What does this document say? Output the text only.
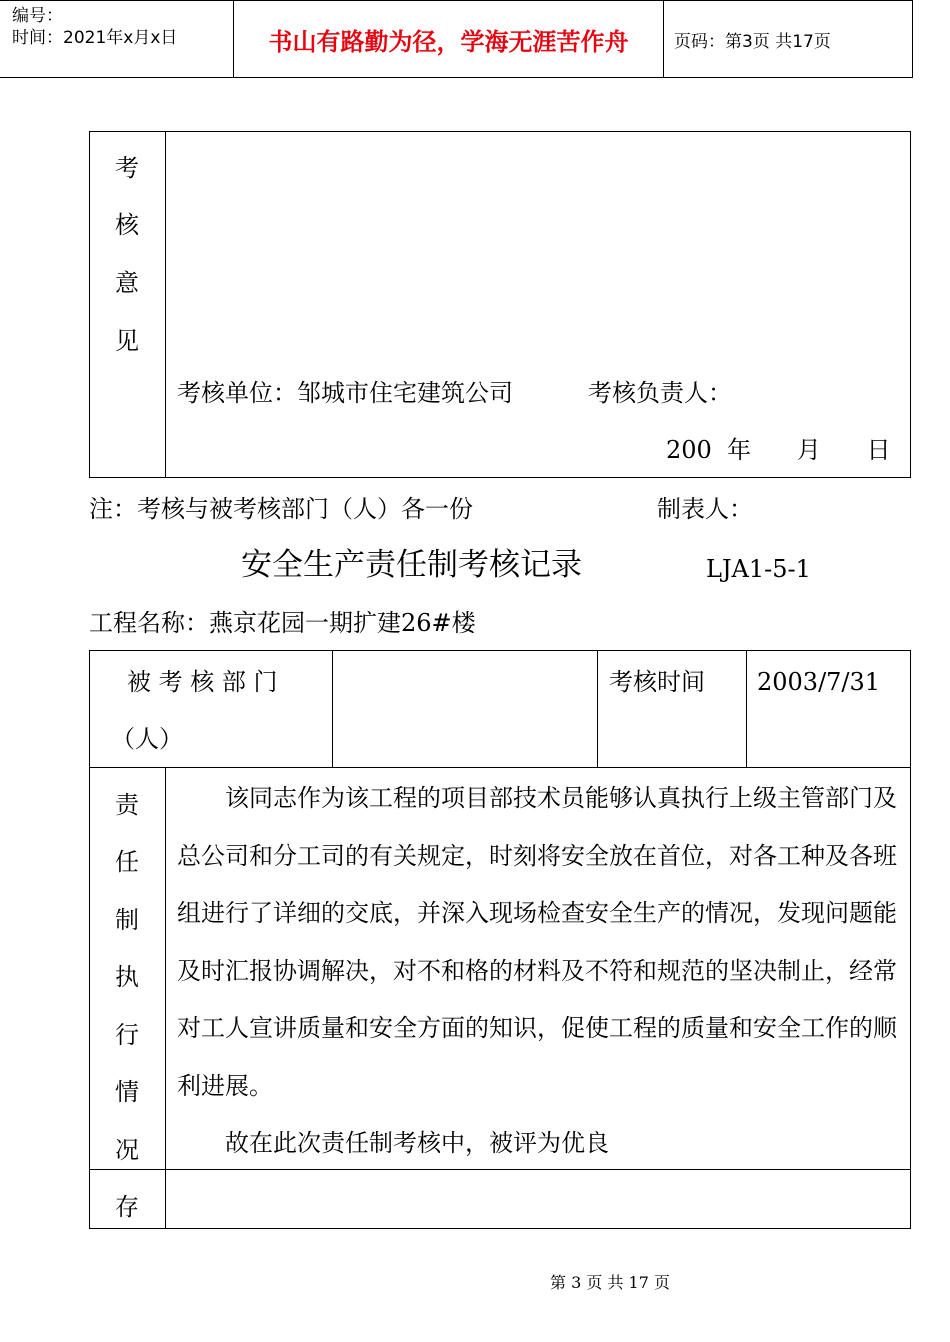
编号：
时间：2021年x月x日	书山有路勤为径，学海无涯苦作舟	页码：第3页 共17页
考
核
意
见
考核单位：邹城市住宅建筑公司	考核负责人：
200  年      月      日
注：考核与被考核部门（人）各一份	制表人：
安全生产责任制考核记录	LJA1-5-1
工程名称：燕京花园一期扩建26#楼
被 考 核 部 门
（人）
考核时间 2003/7/31
责
任
制
执
行
情
况

该同志作为该工程的项目部技术员能够认真执行上级主管部门及总公司和分工司的有关规定，时刻将安全放在首位，对各工种及各班组进行了详细的交底，并深入现场检查安全生产的情况，发现问题能及时汇报协调解决，对不和格的材料及不符和规范的坚决制止，经常对工人宣讲质量和安全方面的知识，促使工程的质量和安全工作的顺利进展。

故在此次责任制考核中，被评为优良

存
第 3 页 共 17 页
